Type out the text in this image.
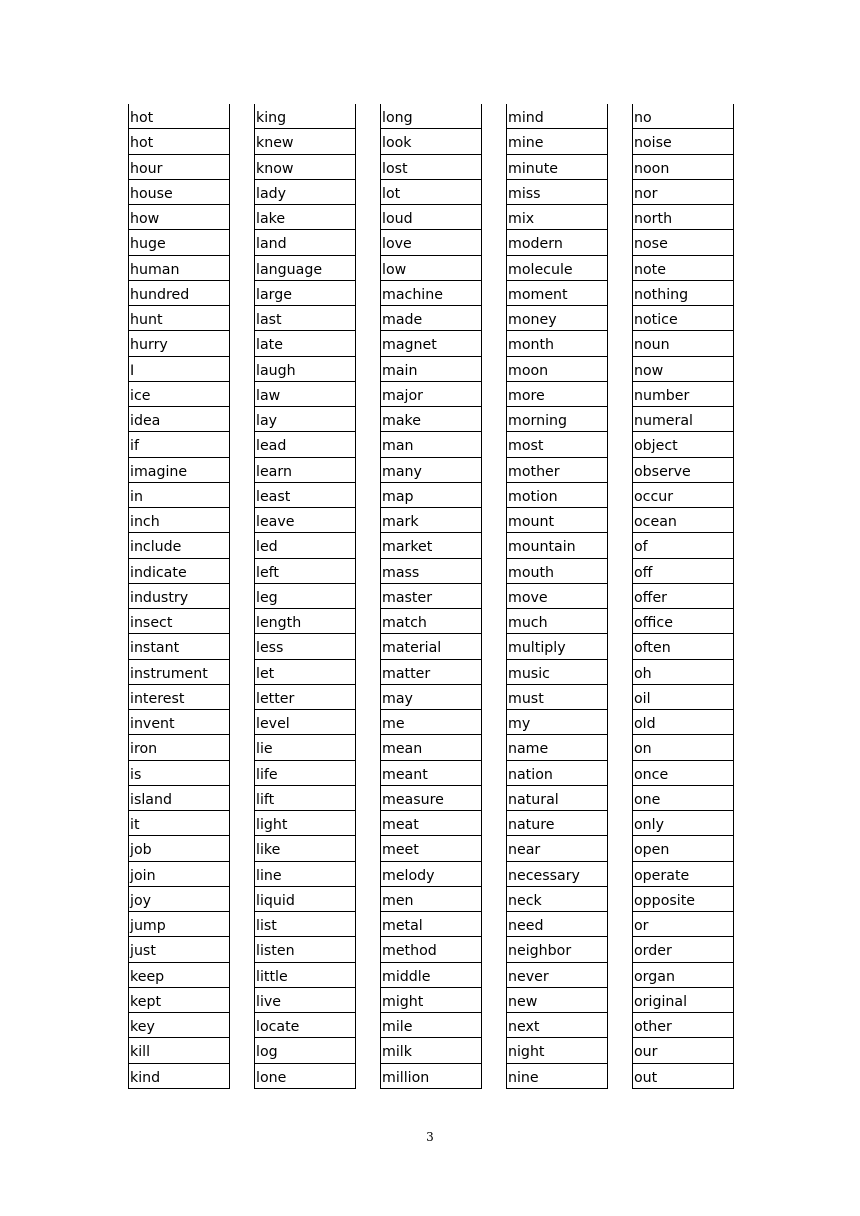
hot
hot
hour
house
how
huge
human
hundred
hunt
hurry
I
ice
idea
if
imagine
in
inch
include
indicate
industry
insect
instant
instrument
interest
invent
iron
is
island
it
job
join
joy
jump
just
keep
kept
key
kill
kind
king
knew
know
lady
lake
land
language
large
last
late
laugh
law
lay
lead
learn
least
leave
led
left
leg
length
less
let
letter
level
lie
life
lift
light
like
line
liquid
list
listen
little
live
locate
log
lone
long
look
lost
lot
loud
love
low
machine
made
magnet
main
major
make
man
many
map
mark
market
mass
master
match
material
matter
may
me
mean
meant
measure
meat
meet
melody
men
metal
method
middle
might
mile
milk
million
mind
mine
minute
miss
mix
modern
molecule
moment
money
month
moon
more
morning
most
mother
motion
mount
mountain
mouth
move
much
multiply
music
must
my
name
nation
natural
nature
near
necessary
neck
need
neighbor
never
new
next
night
nine
no
noise
noon
nor
north
nose
note
nothing
notice
noun
now
number
numeral
object
observe
occur
ocean
of
off
offer
office
often
oh
oil
old
on
once
one
only
open
operate
opposite
or
order
organ
original
other
our
out
3
